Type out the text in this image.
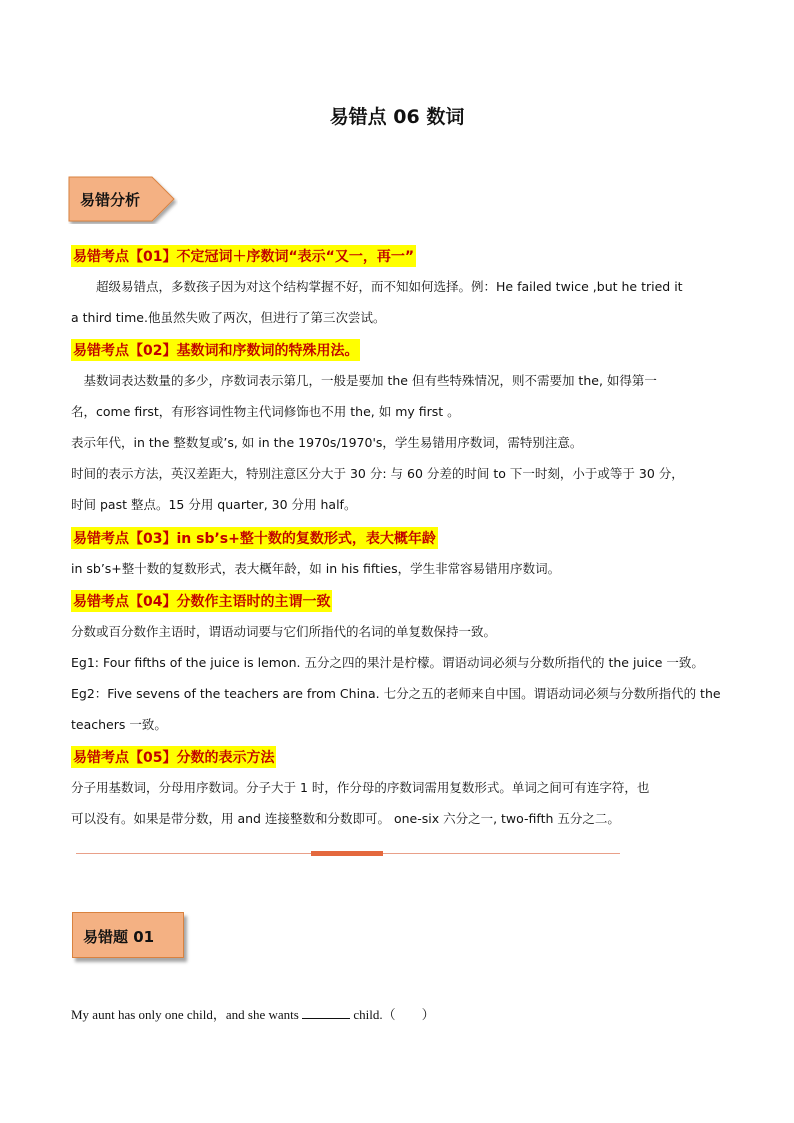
易错点 06 数词
易错分析
易错考点【01】不定冠词＋序数词“表示“又一，再一”
　　超级易错点，多数孩子因为对这个结构掌握不好，而不知如何选择。例：He failed twice ,but he tried it
a third time.他虽然失败了两次，但进行了第三次尝试。
易错考点【02】基数词和序数词的特殊用法。
　基数词表达数量的多少，序数词表示第几，一般是要加 the 但有些特殊情况，则不需要加 the, 如得第一
名，come first，有形容词性物主代词修饰也不用 the, 如 my first 。
表示年代，in the 整数复或’s, 如 in the 1970s/1970's，学生易错用序数词，需特别注意。
时间的表示方法，英汉差距大，特别注意区分大于 30 分: 与 60 分差的时间 to 下一时刻，小于或等于 30 分，
时间 past 整点。15 分用 quarter, 30 分用 half。
易错考点【03】in sb’s+整十数的复数形式，表大概年龄
in sb’s+整十数的复数形式，表大概年龄，如 in his fifties，学生非常容易错用序数词。
易错考点【04】分数作主语时的主谓一致
分数或百分数作主语时，谓语动词要与它们所指代的名词的单复数保持一致。
Eg1: Four fifths of the juice is lemon. 五分之四的果汁是柠檬。谓语动词必须与分数所指代的 the juice 一致。
Eg2：Five sevens of the teachers are from China. 七分之五的老师来自中国。谓语动词必须与分数所指代的 the
teachers 一致。
易错考点【05】分数的表示方法
分子用基数词，分母用序数词。分子大于 1 时，作分母的序数词需用复数形式。单词之间可有连字符，也
可以没有。如果是带分数，用 and 连接整数和分数即可。 one-six 六分之一, two-fifth 五分之二。
易错题 01
My aunt has only one child，and she wants	child.（　　）
